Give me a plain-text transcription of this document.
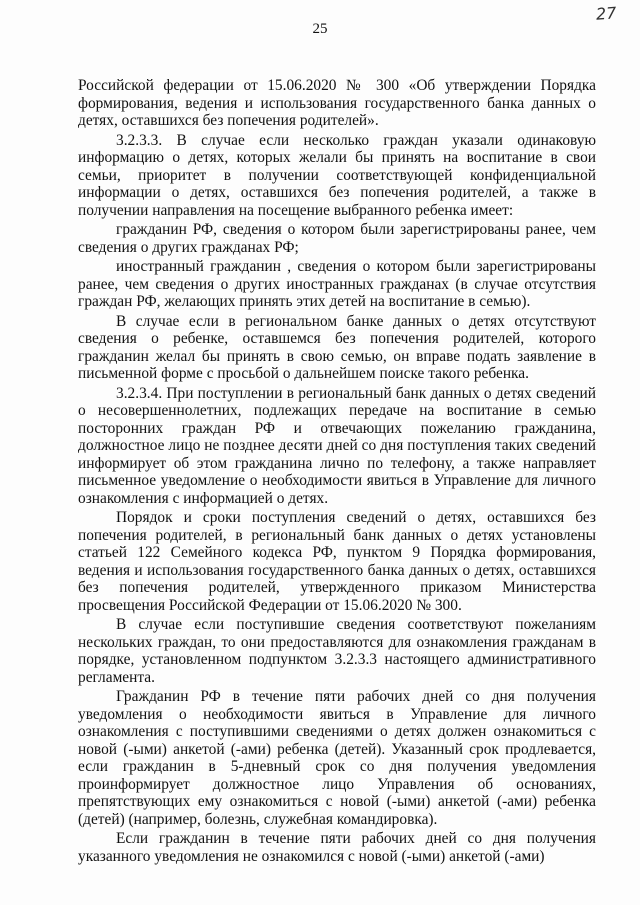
27
25

Российской федерации от 15.06.2020 № 300 «Об утверждении Порядка формирования, ведения и использования государственного банка данных о детях, оставшихся без попечения родителей».

3.2.3.3. В случае если несколько граждан указали одинаковую информацию о детях, которых желали бы принять на воспитание в свои семьи, приоритет в получении соответствующей конфиденциальной информации о детях, оставшихся без попечения родителей, а также в получении направления на посещение выбранного ребенка имеет:

гражданин РФ, сведения о котором были зарегистрированы ранее, чем сведения о других гражданах РФ;

иностранный гражданин , сведения о котором были зарегистрированы ранее, чем сведения о других иностранных гражданах (в случае отсутствия граждан РФ, желающих принять этих детей на воспитание в семью).

В случае если в региональном банке данных о детях отсутствуют сведения о ребенке, оставшемся без попечения родителей, которого гражданин желал бы принять в свою семью, он вправе подать заявление в письменной форме с просьбой о дальнейшем поиске такого ребенка.

3.2.3.4. При поступлении в региональный банк данных о детях сведений о несовершеннолетних, подлежащих передаче на воспитание в семью посторонних граждан РФ и отвечающих пожеланию гражданина, должностное лицо не позднее десяти дней со дня поступления таких сведений информирует об этом гражданина лично по телефону, а также направляет письменное уведомление о необходимости явиться в Управление для личного ознакомления с информацией о детях.

Порядок и сроки поступления сведений о детях, оставшихся без попечения родителей, в региональный банк данных о детях установлены статьей 122 Семейного кодекса РФ, пунктом 9 Порядка формирования, ведения и использования государственного банка данных о детях, оставшихся без попечения родителей, утвержденного приказом Министерства просвещения Российской Федерации от 15.06.2020 № 300.

В случае если поступившие сведения соответствуют пожеланиям нескольких граждан, то они предоставляются для ознакомления гражданам в порядке, установленном подпунктом 3.2.3.3 настоящего административного регламента.

Гражданин РФ в течение пяти рабочих дней со дня получения уведомления о необходимости явиться в Управление для личного ознакомления с поступившими сведениями о детях должен ознакомиться с новой (-ыми) анкетой (-ами) ребенка (детей). Указанный срок продлевается, если гражданин в 5-дневный срок со дня получения уведомления проинформирует должностное лицо Управления об основаниях, препятствующих ему ознакомиться с новой (-ыми) анкетой (-ами) ребенка (детей) (например, болезнь, служебная командировка).

Если гражданин в течение пяти рабочих дней со дня получения указанного уведомления не ознакомился с новой (-ыми) анкетой (-ами)
